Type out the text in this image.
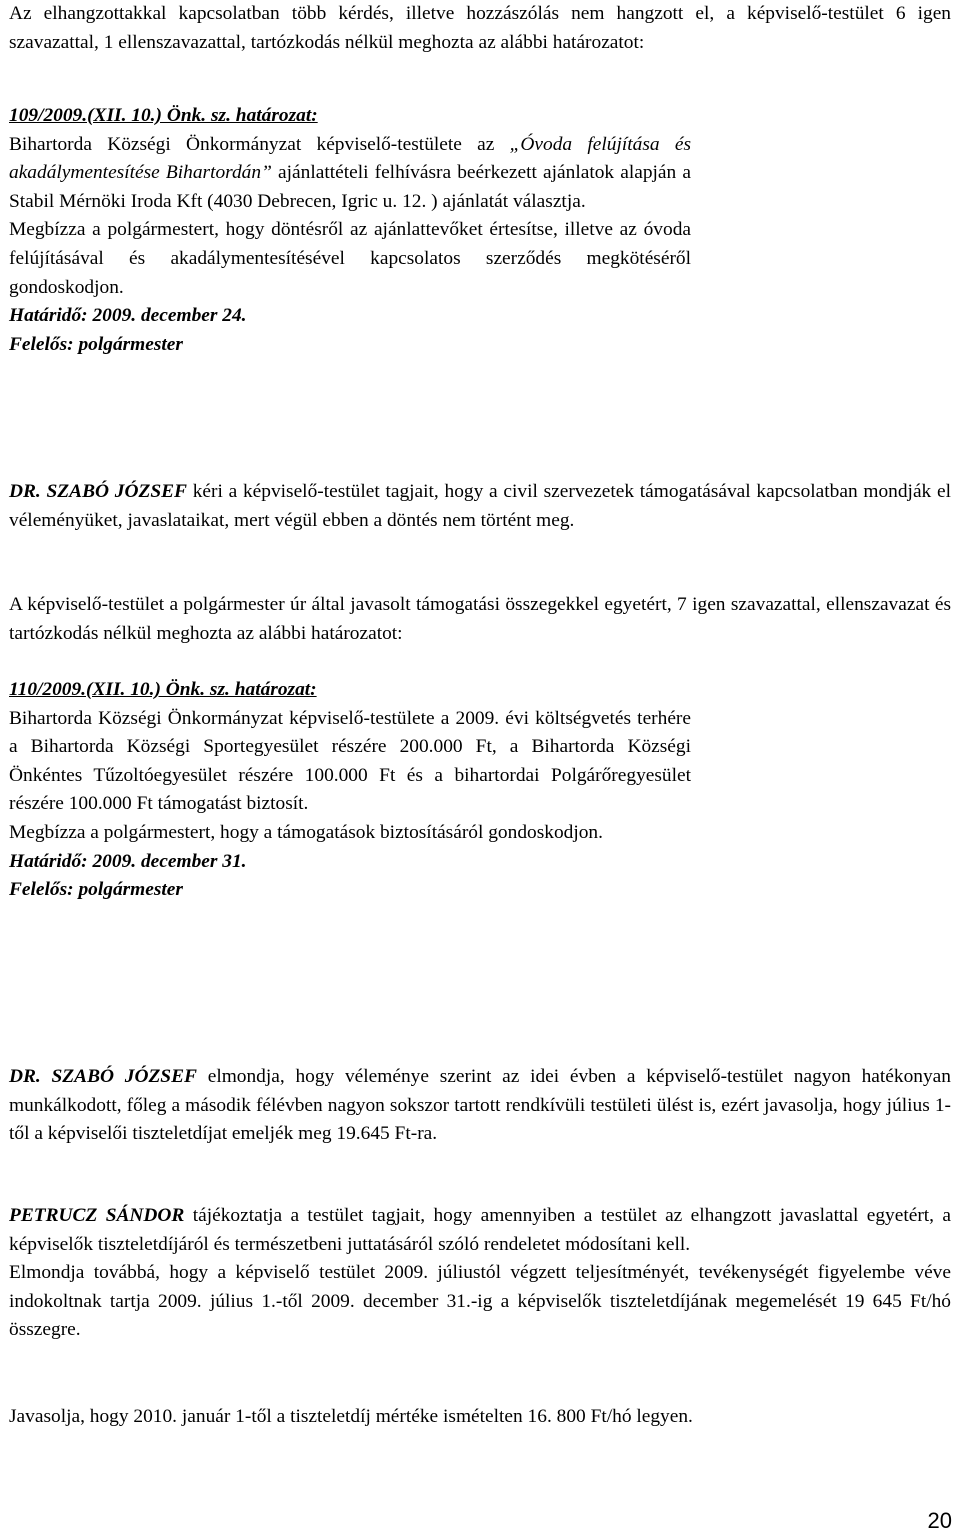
Az elhangzottakkal kapcsolatban több kérdés, illetve hozzászólás nem hangzott el, a képviselő-testület 6 igen szavazattal, 1 ellenszavazattal, tartózkodás nélkül meghozta az alábbi határozatot:

109/2009.(XII. 10.) Önk. sz. határozat:

Bihartorda Községi Önkormányzat képviselő-testülete az „Óvoda felújítása és akadálymentesítése Bihartordán” ajánlattételi felhívásra beérkezett ajánlatok alapján a Stabil Mérnöki Iroda Kft (4030 Debrecen, Igric u. 12. ) ajánlatát választja.

Megbízza a polgármestert, hogy döntésről az ajánlattevőket értesítse, illetve az óvoda felújításával és akadálymentesítésével kapcsolatos szerződés megkötéséről gondoskodjon.

Határidő: 2009. december 24.

Felelős: polgármester

DR. SZABÓ JÓZSEF kéri a képviselő-testület tagjait, hogy a civil szervezetek támogatásával kapcsolatban mondják el véleményüket, javaslataikat, mert végül ebben a döntés nem történt meg.

A képviselő-testület a polgármester úr által javasolt támogatási összegekkel egyetért, 7 igen szavazattal, ellenszavazat és tartózkodás nélkül meghozta az alábbi határozatot:

110/2009.(XII. 10.) Önk. sz. határozat:

Bihartorda Községi Önkormányzat képviselő-testülete a 2009. évi költségvetés terhére a Bihartorda Községi Sportegyesület részére 200.000 Ft, a Bihartorda Községi Önkéntes Tűzoltóegyesület részére 100.000 Ft és a bihartordai Polgárőregyesület részére 100.000 Ft támogatást biztosít.

Megbízza a polgármestert, hogy a támogatások biztosításáról gondoskodjon.

Határidő: 2009. december 31.

Felelős: polgármester

DR. SZABÓ JÓZSEF elmondja, hogy véleménye szerint az idei évben a képviselő-testület nagyon hatékonyan munkálkodott, főleg a második félévben nagyon sokszor tartott rendkívüli testületi ülést is, ezért javasolja, hogy július 1-től a képviselői tiszteletdíjat emeljék meg 19.645 Ft-ra.

PETRUCZ SÁNDOR tájékoztatja a testület tagjait, hogy amennyiben a testület az elhangzott javaslattal egyetért, a képviselők tiszteletdíjáról és természetbeni juttatásáról szóló rendeletet módosítani kell.

Elmondja továbbá, hogy a képviselő testület 2009. júliustól végzett teljesítményét, tevékenységét figyelembe véve indokoltnak tartja 2009. július 1.-től 2009. december 31.-ig a képviselők tiszteletdíjának megemelését 19 645 Ft/hó összegre.

Javasolja, hogy 2010. január 1-től a tiszteletdíj mértéke ismételten 16. 800 Ft/hó legyen.

20
